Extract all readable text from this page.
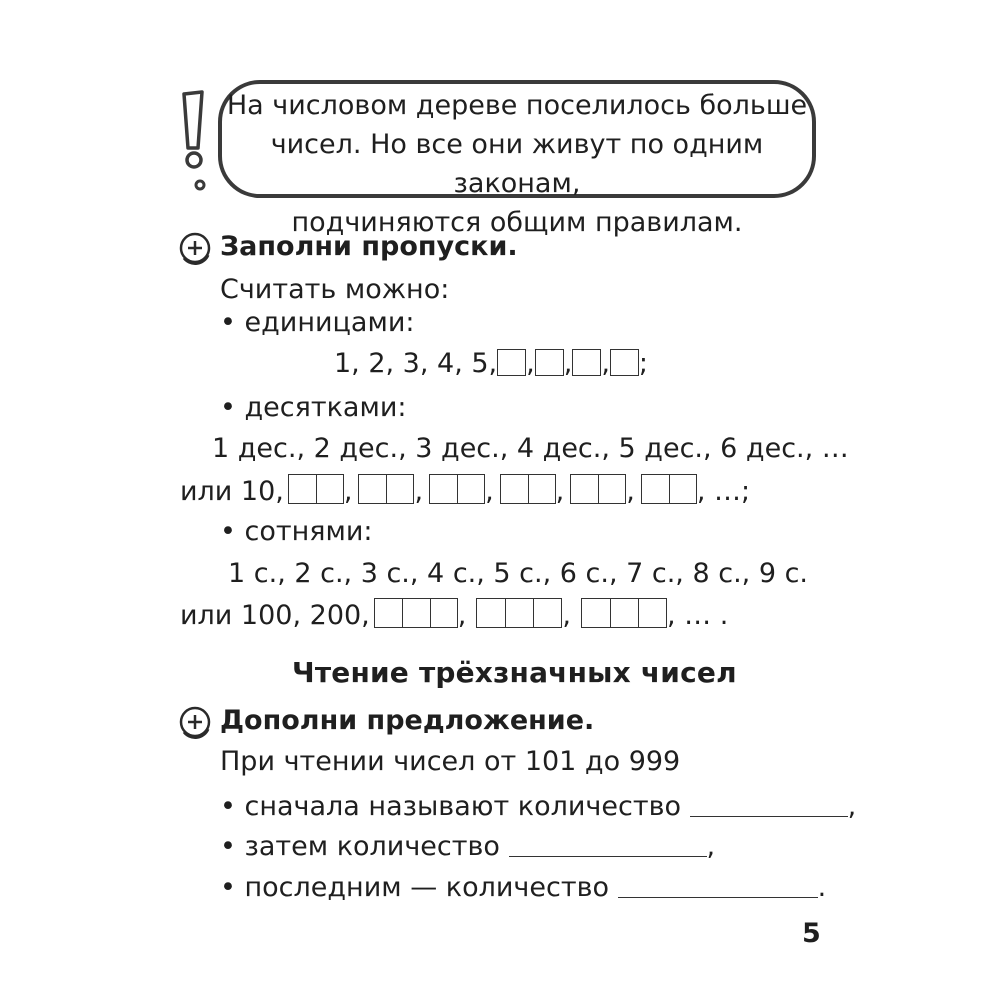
На числовом дереве поселилось больше
чисел. Но все они живут по одним законам,
подчиняются общим правилам.
Заполни пропуски.
Считать можно:
• единицами:
1, 2, 3, 4, 5, , , , ;
• десятками:
1 дес., 2 дес., 3 дес., 4 дес., 5 дес., 6 дес., …
или 10, , , , , , , …;
• сотнями:
1 с., 2 с., 3 с., 4 с., 5 с., 6 с., 7 с., 8 с., 9 с.
или 100, 200,	,	,	, … .
Чтение трёхзначных чисел
Дополни предложение.
При чтении чисел от 101 до 999
• сначала называют количество	,
• затем количество	,
• последним — количество	.
5
